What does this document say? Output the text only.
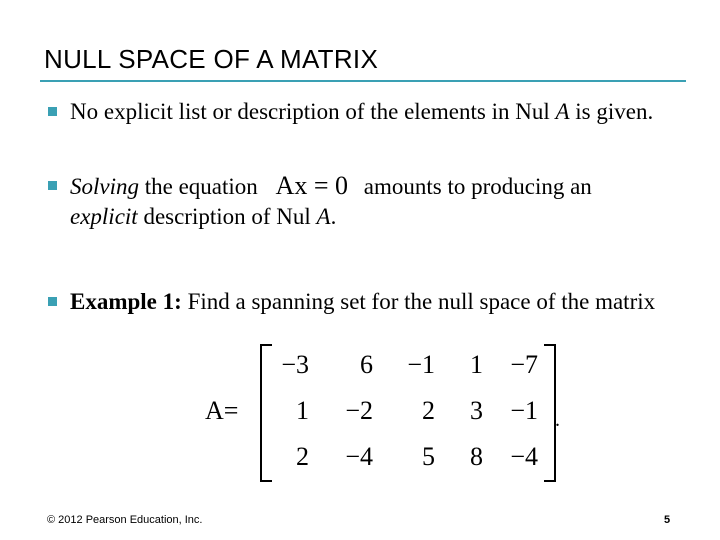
NULL SPACE OF A MATRIX
No explicit list or description of the elements in Nul A is given.
Solving the equation Ax = 0 amounts to producing an
explicit description of Nul A.
Example 1: Find a spanning set for the null space of the matrix
A=
−3	6	−1	1	−7
1	−2	2	3	−1
2	−4	5	8	−4
.
© 2012 Pearson Education, Inc.	5
